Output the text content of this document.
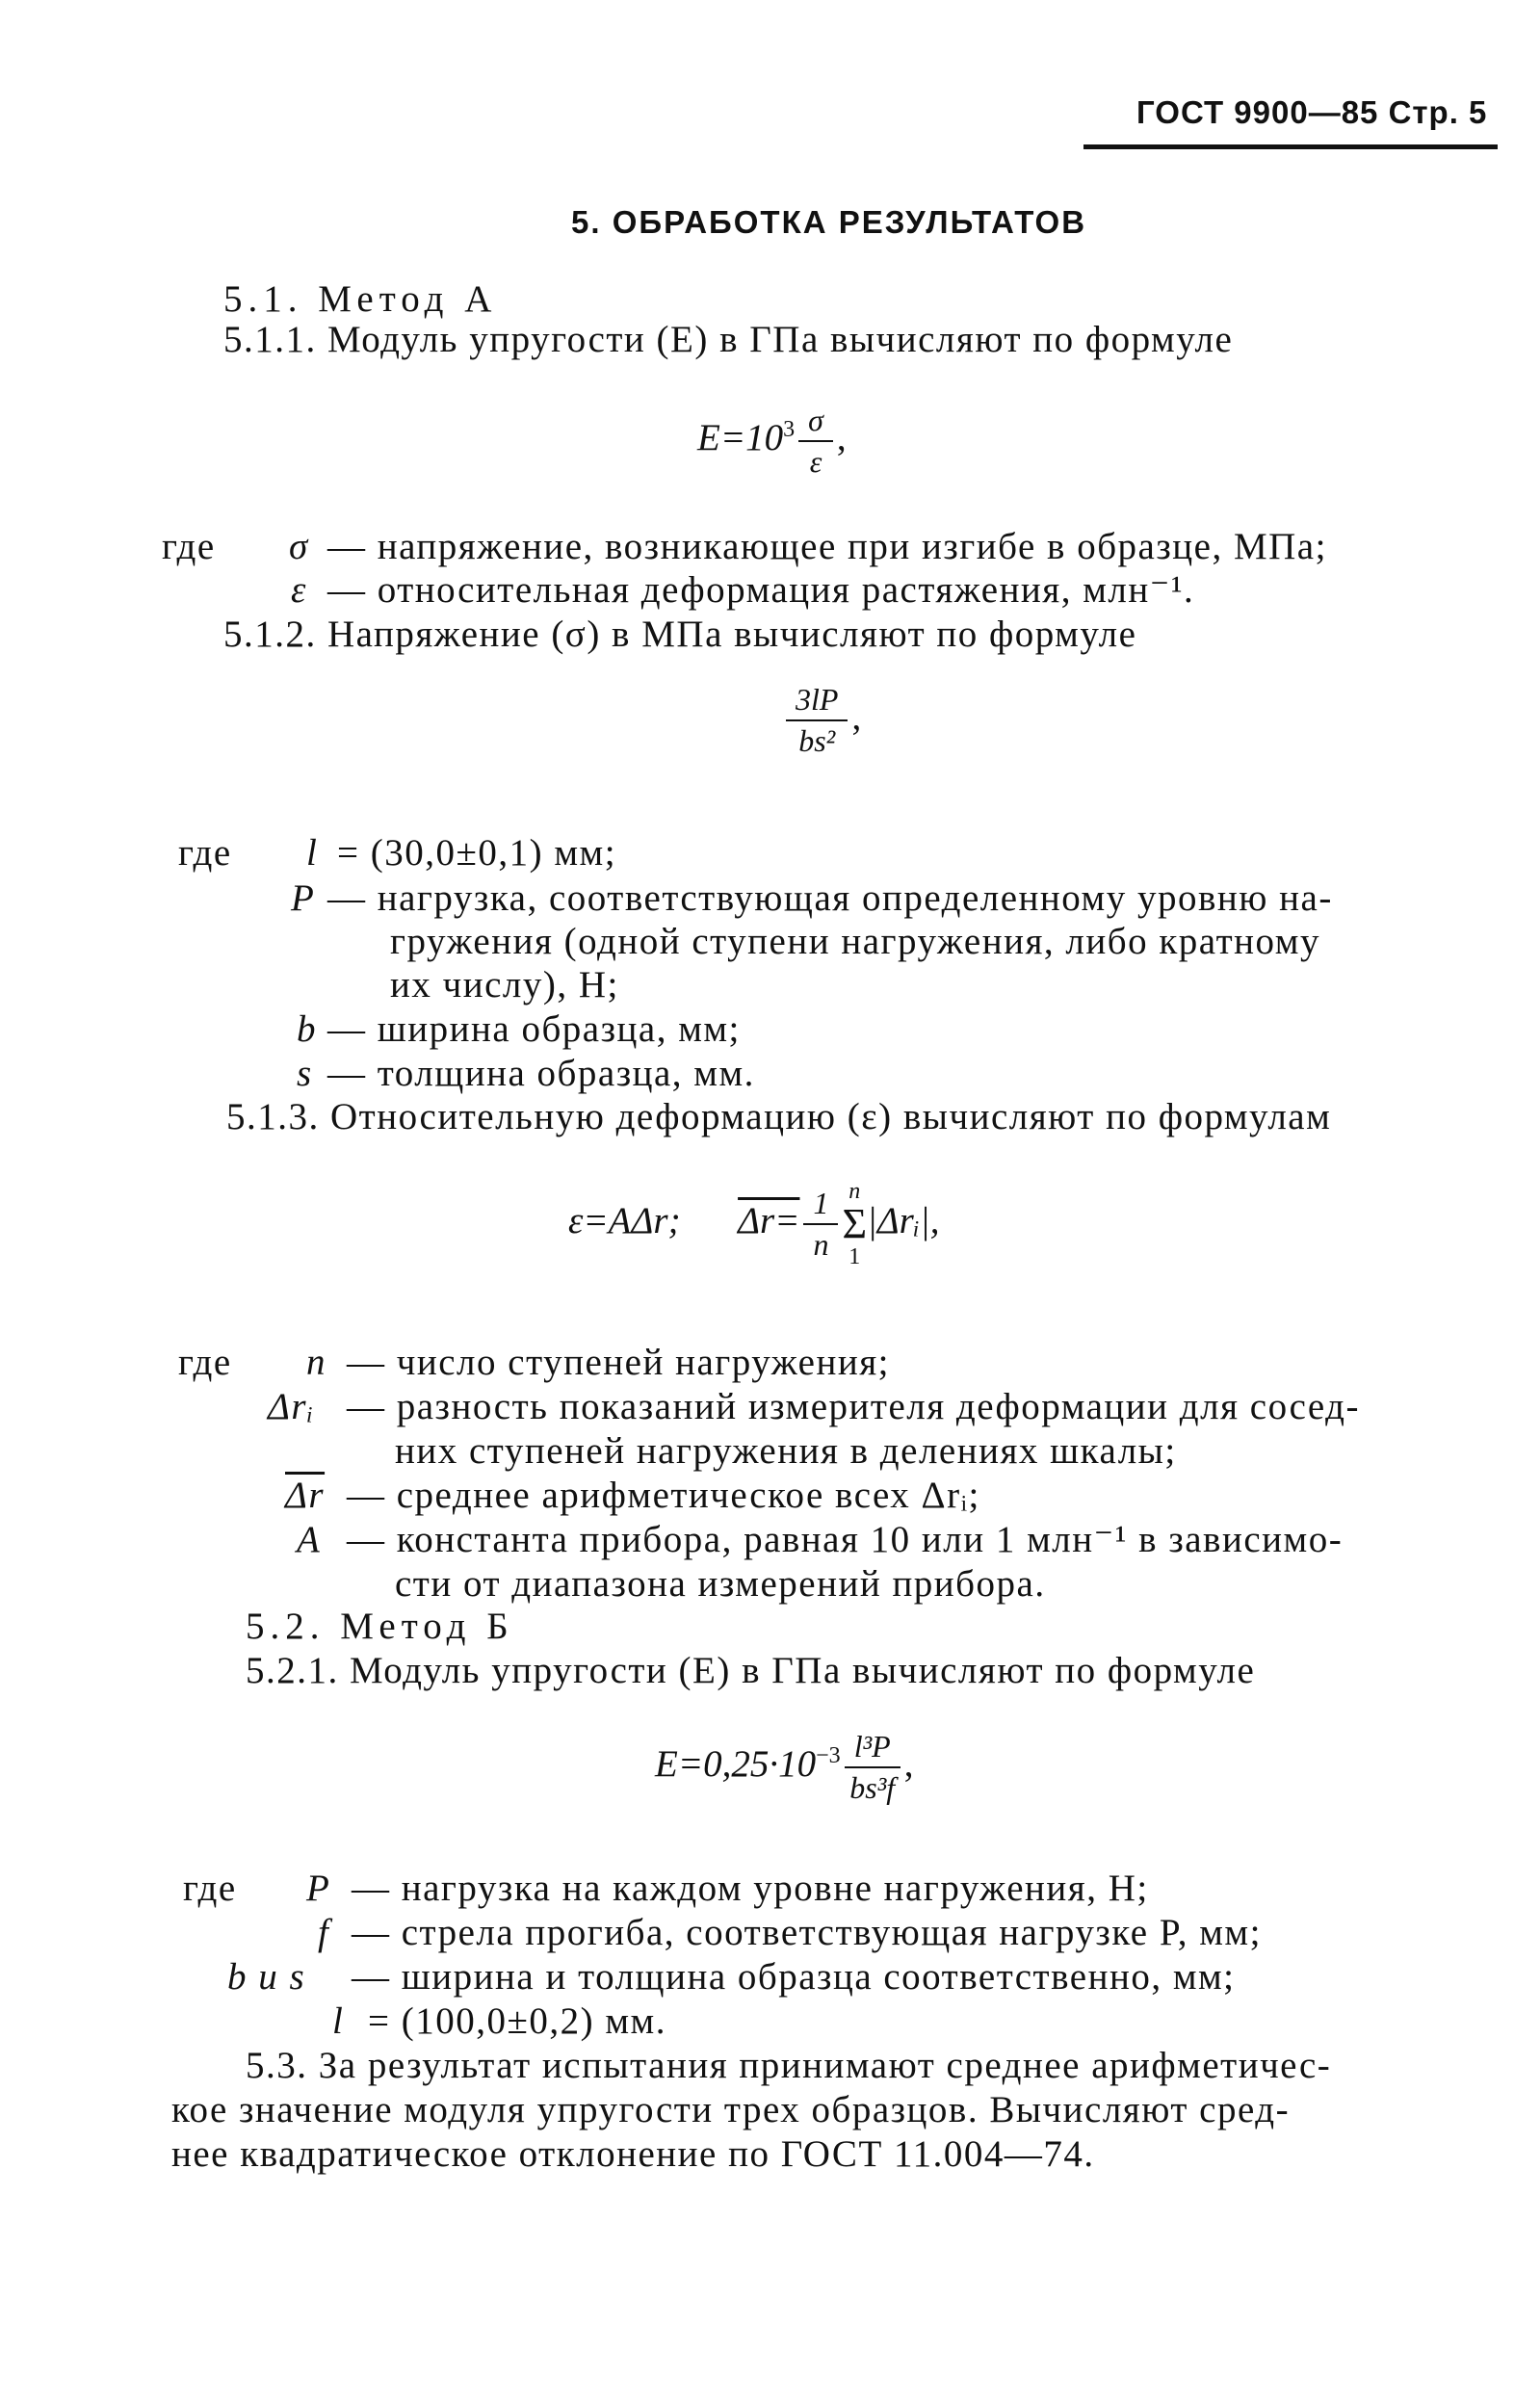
ГОСТ 9900—85 Стр. 5
5. ОБРАБОТКА РЕЗУЛЬТАТОВ
5.1. Метод А
5.1.1. Модуль упругости (E) в ГПа вычисляют по формуле
$E=10^3 \frac{\sigma}{\varepsilon}$ ,
где σ — напряжение, возникающее при изгибе в образце, МПа;
ε — относительная деформация растяжения, млн⁻¹.
5.1.2. Напряжение (σ) в МПа вычисляют по формуле
$\frac{3lP}{\text{bs²}}$ ,
где l = (30,0±0,1) мм;
P — нагрузка, соответствующая определенному уровню на-
гружения (одной ступени нагружения, либо кратному
их числу), Н;
b — ширина образца, мм;
s — толщина образца, мм.
5.1.3. Относительную деформацию (ε) вычисляют по формулам
ε=AΔr; $\Delta r= \frac{1}{n}$ n
Σ
1
|Δrᵢ|,
где n — число ступеней нагружения;
Δrᵢ — разность показаний измерителя деформации для сосед-
них ступеней нагружения в делениях шкалы;
$\overline{\Delta r}$ — среднее арифметическое всех Δrᵢ;
A — константа прибора, равная 10 или 1 млн⁻¹ в зависимо-
сти от диапазона измерений прибора.
5.2. Метод Б
5.2.1. Модуль упругости (E) в ГПа вычисляют по формуле
$E=0,25\cdot 10^{-3} \frac{\text{l³P}}{\text{bs³f}}$ ,
где P — нагрузка на каждом уровне нагружения, Н;
f — стрела прогиба, соответствующая нагрузке P, мм;
b и s — ширина и толщина образца соответственно, мм;
l = (100,0±0,2) мм.
5.3. За результат испытания принимают среднее арифметичес-
кое значение модуля упругости трех образцов. Вычисляют сред-
нее квадратическое отклонение по ГОСТ 11.004—74.
